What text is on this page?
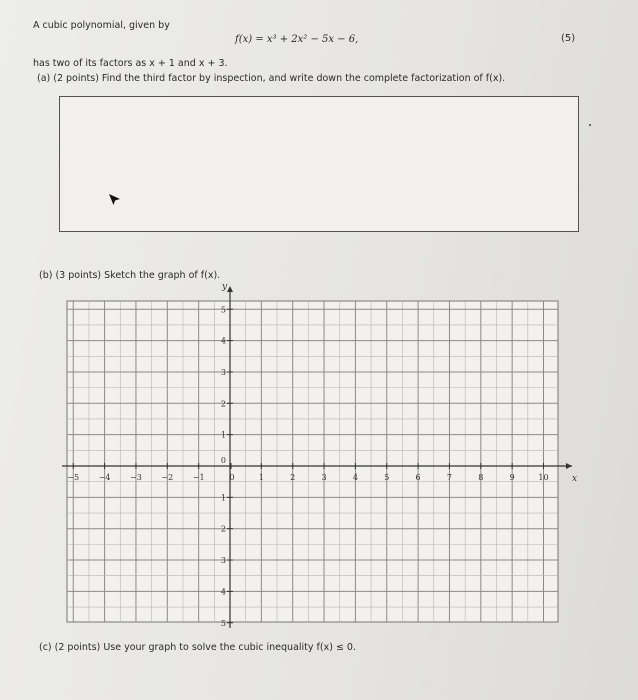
A cubic polynomial, given by
f(x) = x³ + 2x² − 5x − 6,	(5)
has two of its factors as x + 1 and x + 3.
(a) (2 points) Find the third factor by inspection, and write down the complete factorization of f(x).
(b) (3 points) Sketch the graph of f(x).
y
x
−5 −4 −3 −2 −1	0	1	2	3	4	5	6	7	8	9	10
1
2
3
4
5
1
2
3
4
5
0
(c) (2 points) Use your graph to solve the cubic inequality f(x) ≤ 0.
